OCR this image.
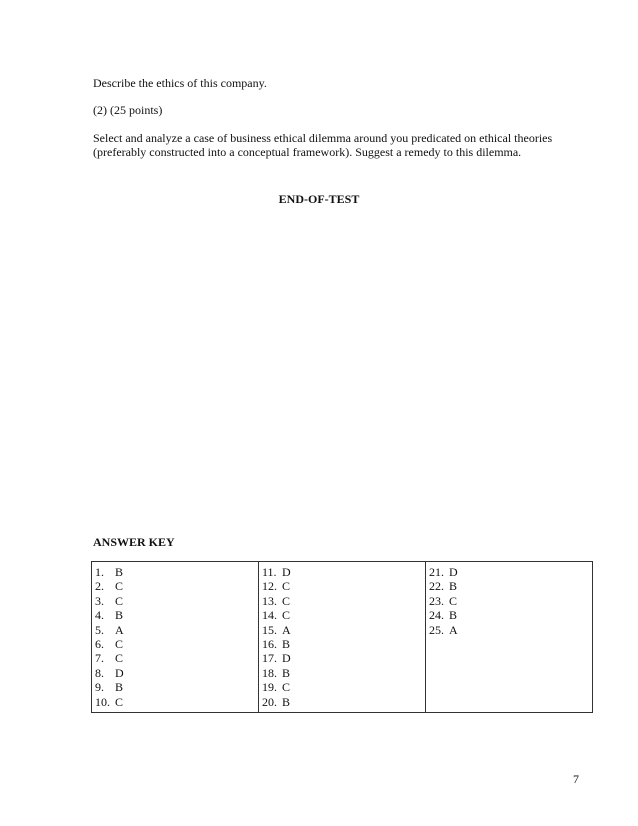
Describe the ethics of this company.

(2) (25 points)

Select and analyze a case of business ethical dilemma around you predicated on ethical theories
(preferably constructed into a conceptual framework). Suggest a remedy to this dilemma.

END-OF-TEST

ANSWER KEY

1. B
2. C
3. C
4. B
5. A
6. C
7. C
8. D
9. B
10. C

11. D
12. C
13. C
14. C
15. A
16. B
17. D
18. B
19. C
20. B

21. D
22. B
23. C
24. B
25. A

7
